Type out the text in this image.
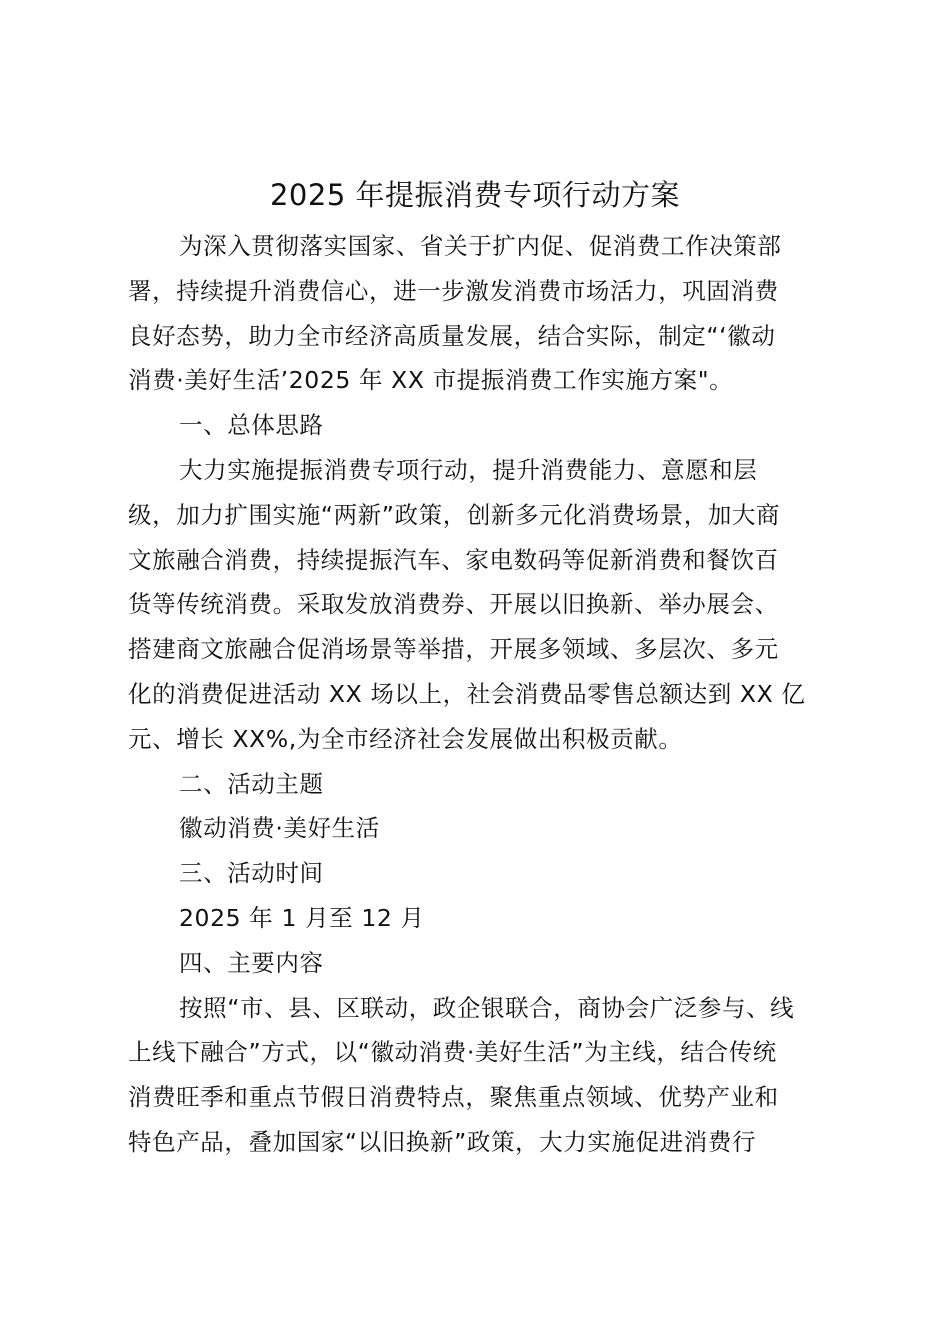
2025 年提振消费专项行动方案

为深入贯彻落实国家、省关于扩内促、促消费工作决策部
署，持续提升消费信心，进一步激发消费市场活力，巩固消费
良好态势，助力全市经济高质量发展，结合实际，制定“‘徽动
消费·美好生活’2025 年 XX 市提振消费工作实施方案"。

一、总体思路

大力实施提振消费专项行动，提升消费能力、意愿和层
级，加力扩围实施“两新”政策，创新多元化消费场景，加大商
文旅融合消费，持续提振汽车、家电数码等促新消费和餐饮百
货等传统消费。采取发放消费券、开展以旧换新、举办展会、
搭建商文旅融合促消场景等举措，开展多领域、多层次、多元
化的消费促进活动 XX 场以上，社会消费品零售总额达到 XX 亿
元、增长 XX%,为全市经济社会发展做出积极贡献。

二、活动主题

徽动消费·美好生活

三、活动时间

2025 年 1 月至 12 月

四、主要内容

按照“市、县、区联动，政企银联合，商协会广泛参与、线
上线下融合”方式，以“徽动消费·美好生活”为主线，结合传统
消费旺季和重点节假日消费特点，聚焦重点领域、优势产业和
特色产品，叠加国家“以旧换新”政策，大力实施促进消费行
